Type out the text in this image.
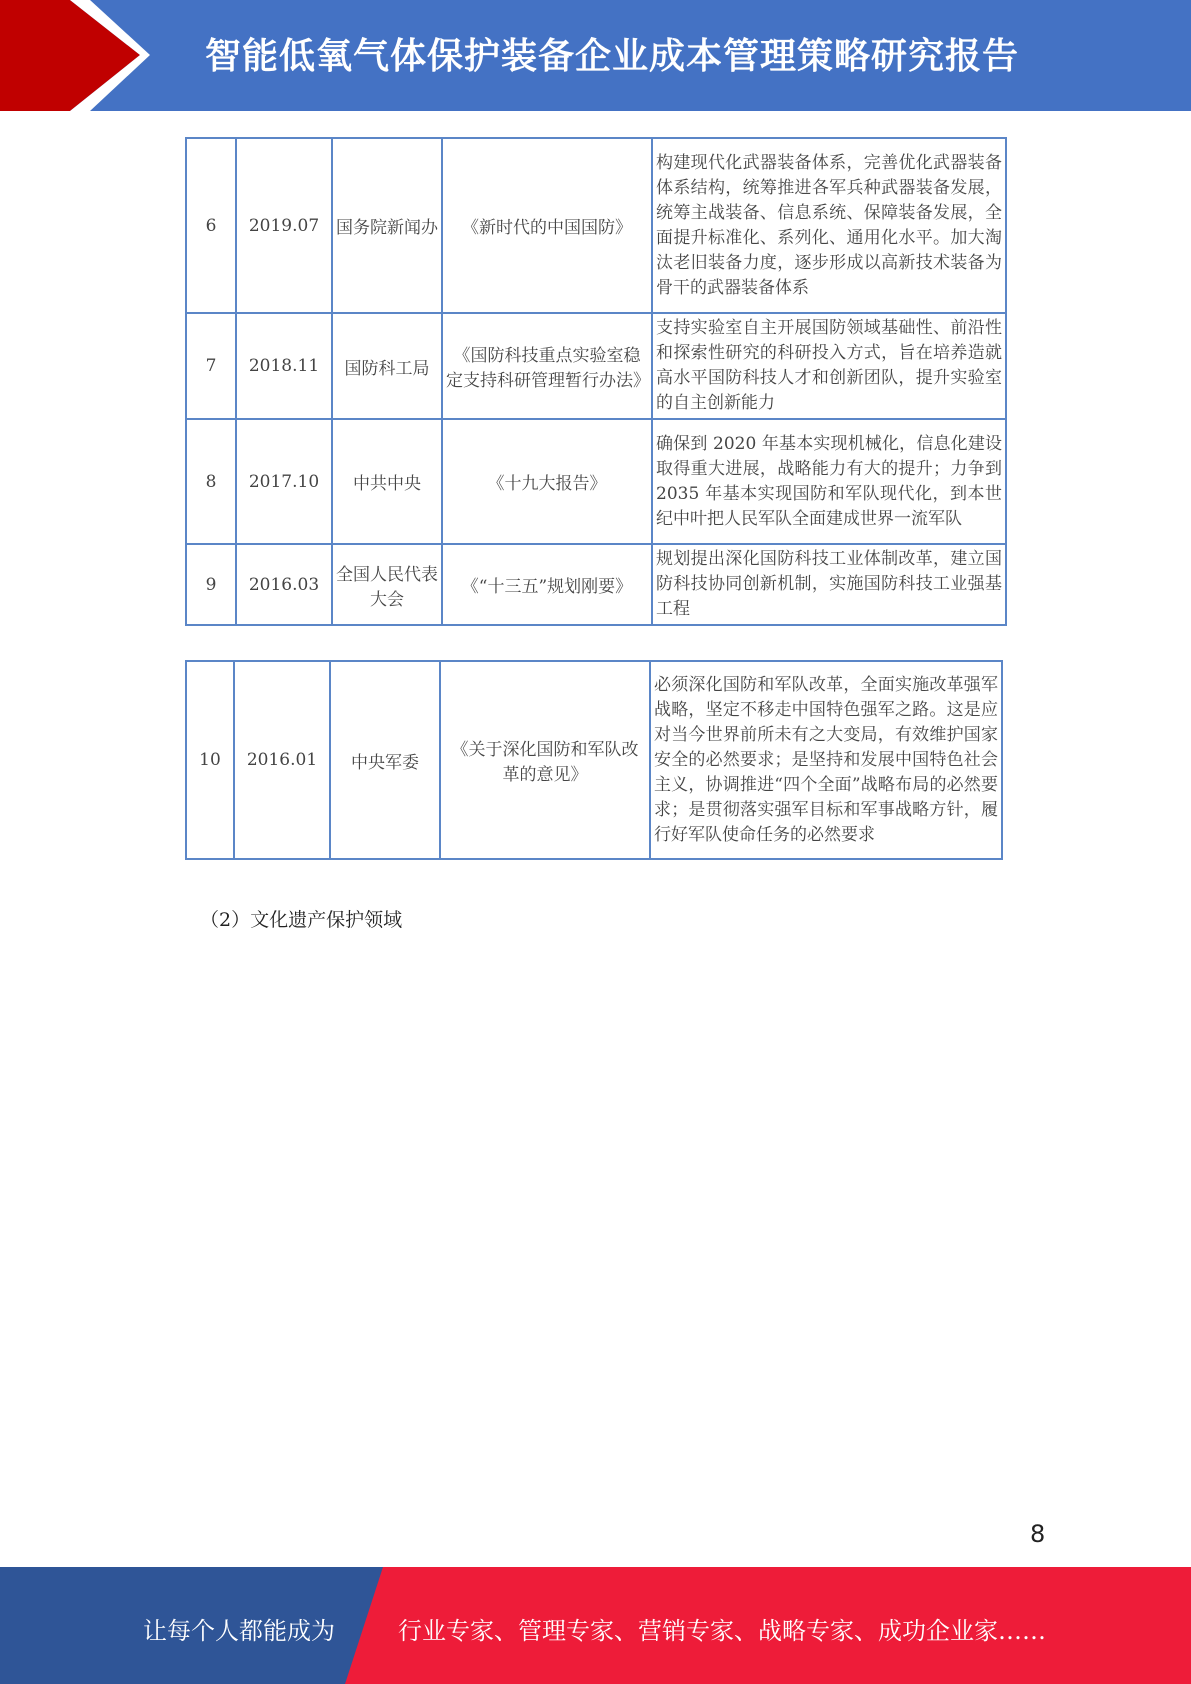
智能低氧气体保护装备企业成本管理策略研究报告
6	2019.07	国务院新闻办	《新时代的中国国防》	构建现代化武器装备体系，完善优化武器装备体系结构，统筹推进各军兵种武器装备发展，统筹主战装备、信息系统、保障装备发展，全面提升标准化、系列化、通用化水平。加大淘汰老旧装备力度，逐步形成以高新技术装备为骨干的武器装备体系
7	2018.11	国防科工局	《国防科技重点实验室稳定支持科研管理暂行办法》	支持实验室自主开展国防领域基础性、前沿性和探索性研究的科研投入方式，旨在培养造就高水平国防科技人才和创新团队，提升实验室的自主创新能力
8	2017.10	中共中央	《十九大报告》	确保到 2020 年基本实现机械化，信息化建设取得重大进展，战略能力有大的提升；力争到 2035 年基本实现国防和军队现代化，到本世纪中叶把人民军队全面建成世界一流军队
9	2016.03	全国人民代表大会	《“十三五”规划刚要》	规划提出深化国防科技工业体制改革，建立国防科技协同创新机制，实施国防科技工业强基工程
10	2016.01	中央军委	《关于深化国防和军队改革的意见》	必须深化国防和军队改革，全面实施改革强军战略，坚定不移走中国特色强军之路。这是应对当今世界前所未有之大变局，有效维护国家安全的必然要求；是坚持和发展中国特色社会主义，协调推进“四个全面”战略布局的必然要求；是贯彻落实强军目标和军事战略方针，履行好军队使命任务的必然要求
（2）文化遗产保护领域
8
让每个人都能成为	行业专家、管理专家、营销专家、战略专家、成功企业家……
